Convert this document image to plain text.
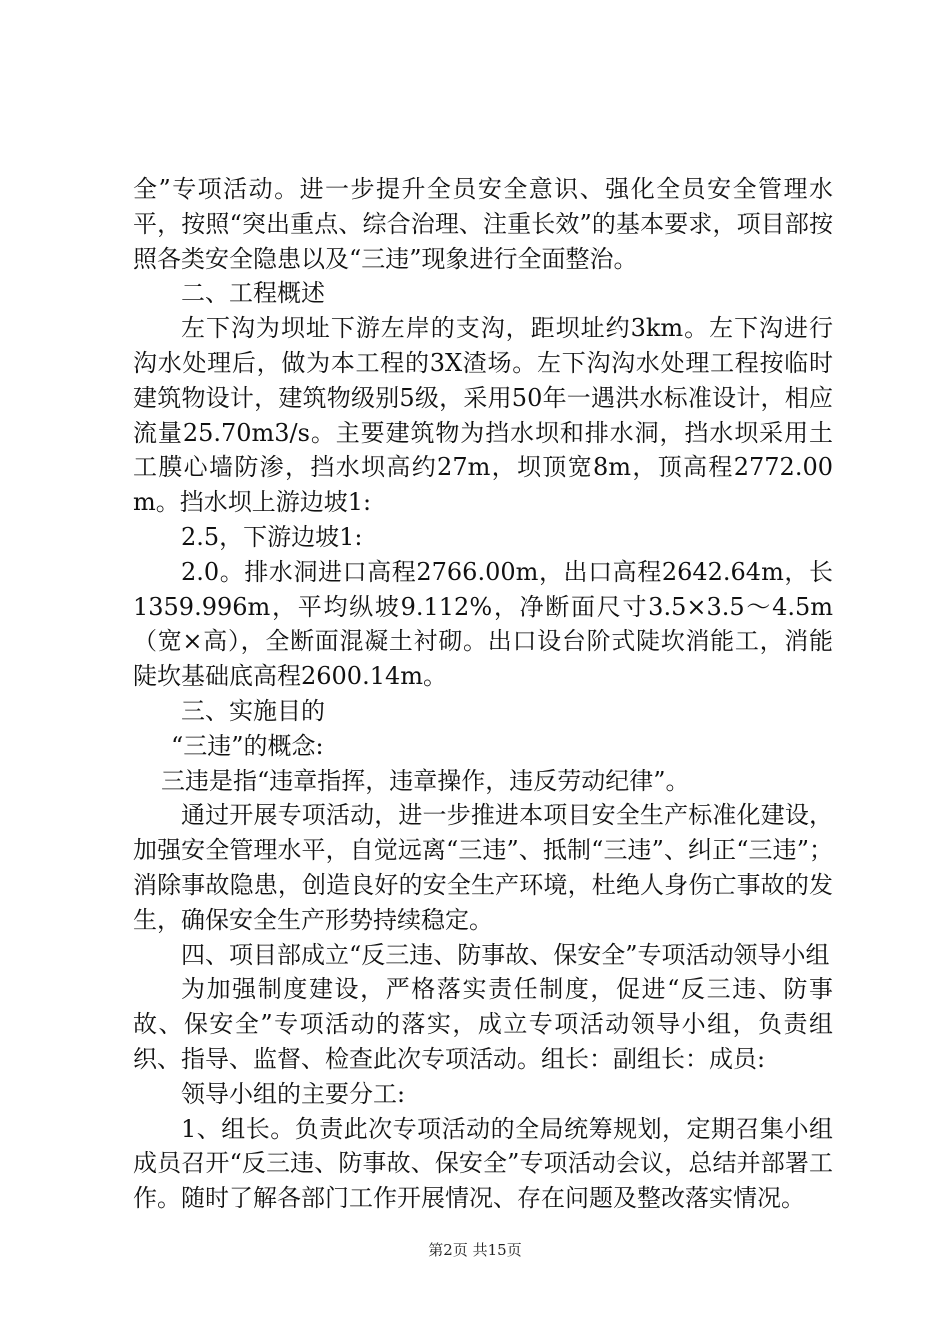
全”专项活动。进一步提升全员安全意识、强化全员安全管理水平，按照“突出重点、综合治理、注重长效”的基本要求，项目部按照各类安全隐患以及“三违”现象进行全面整治。

二、工程概述

左下沟为坝址下游左岸的支沟，距坝址约3km。左下沟进行沟水处理后，做为本工程的3X渣场。左下沟沟水处理工程按临时建筑物设计，建筑物级别5级，采用50年一遇洪水标准设计，相应流量25.70m3/s。主要建筑物为挡水坝和排水洞，挡水坝采用土工膜心墙防渗，挡水坝高约27m，坝顶宽8m，顶高程2772.00m。挡水坝上游边坡1:

2.5，下游边坡1:

2.0。排水洞进口高程2766.00m，出口高程2642.64m，长1359.996m，平均纵坡9.112%，净断面尺寸3.5×3.5～4.5m（宽×高），全断面混凝土衬砌。出口设台阶式陡坎消能工，消能陡坎基础底高程2600.14m。

三、实施目的

“三违”的概念:

三违是指“违章指挥，违章操作，违反劳动纪律”。

通过开展专项活动，进一步推进本项目安全生产标准化建设，加强安全管理水平，自觉远离“三违”、抵制“三违”、纠正“三违”；消除事故隐患，创造良好的安全生产环境，杜绝人身伤亡事故的发生，确保安全生产形势持续稳定。

四、项目部成立“反三违、防事故、保安全”专项活动领导小组

为加强制度建设，严格落实责任制度，促进“反三违、防事故、保安全”专项活动的落实，成立专项活动领导小组，负责组织、指导、监督、检查此次专项活动。组长：副组长：成员:

领导小组的主要分工:

1、组长。负责此次专项活动的全局统筹规划，定期召集小组成员召开“反三违、防事故、保安全”专项活动会议，总结并部署工作。随时了解各部门工作开展情况、存在问题及整改落实情况。

第2页 共15页
